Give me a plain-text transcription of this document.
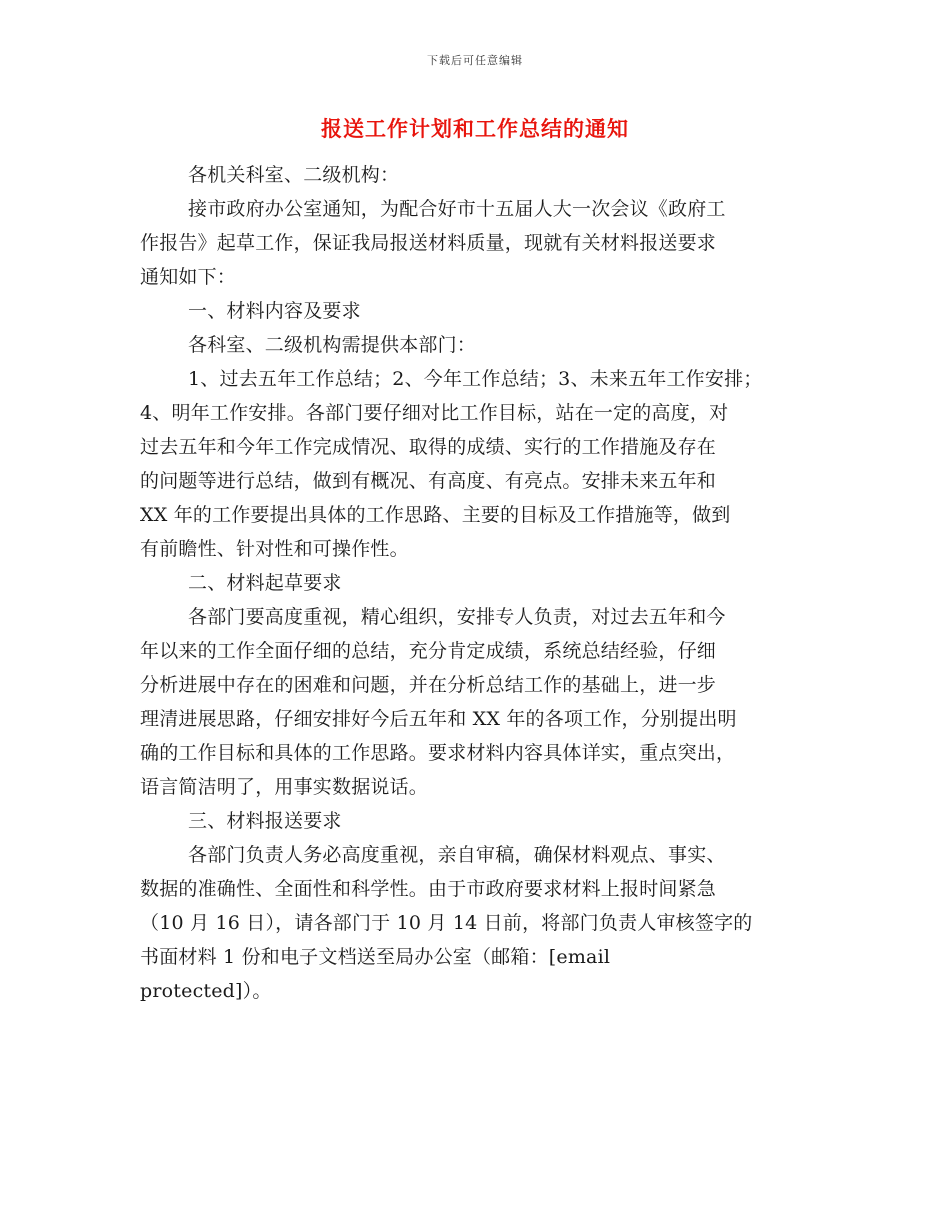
下载后可任意编辑
报送工作计划和工作总结的通知
各机关科室、二级机构：
接市政府办公室通知，为配合好市十五届人大一次会议《政府工
作报告》起草工作，保证我局报送材料质量，现就有关材料报送要求
通知如下：
一、材料内容及要求
各科室、二级机构需提供本部门：
1、过去五年工作总结；2、今年工作总结；3、未来五年工作安排；
4、明年工作安排。各部门要仔细对比工作目标，站在一定的高度，对
过去五年和今年工作完成情况、取得的成绩、实行的工作措施及存在
的问题等进行总结，做到有概况、有高度、有亮点。安排未来五年和
XX 年的工作要提出具体的工作思路、主要的目标及工作措施等，做到
有前瞻性、针对性和可操作性。
二、材料起草要求
各部门要高度重视，精心组织，安排专人负责，对过去五年和今
年以来的工作全面仔细的总结，充分肯定成绩，系统总结经验，仔细
分析进展中存在的困难和问题，并在分析总结工作的基础上，进一步
理清进展思路，仔细安排好今后五年和 XX 年的各项工作，分别提出明
确的工作目标和具体的工作思路。要求材料内容具体详实，重点突出，
语言简洁明了，用事实数据说话。
三、材料报送要求
各部门负责人务必高度重视，亲自审稿，确保材料观点、事实、
数据的准确性、全面性和科学性。由于市政府要求材料上报时间紧急
（10 月 16 日），请各部门于 10 月 14 日前，将部门负责人审核签字的
书面材料 1 份和电子文档送至局办公室（邮箱：[email
protected]）。
